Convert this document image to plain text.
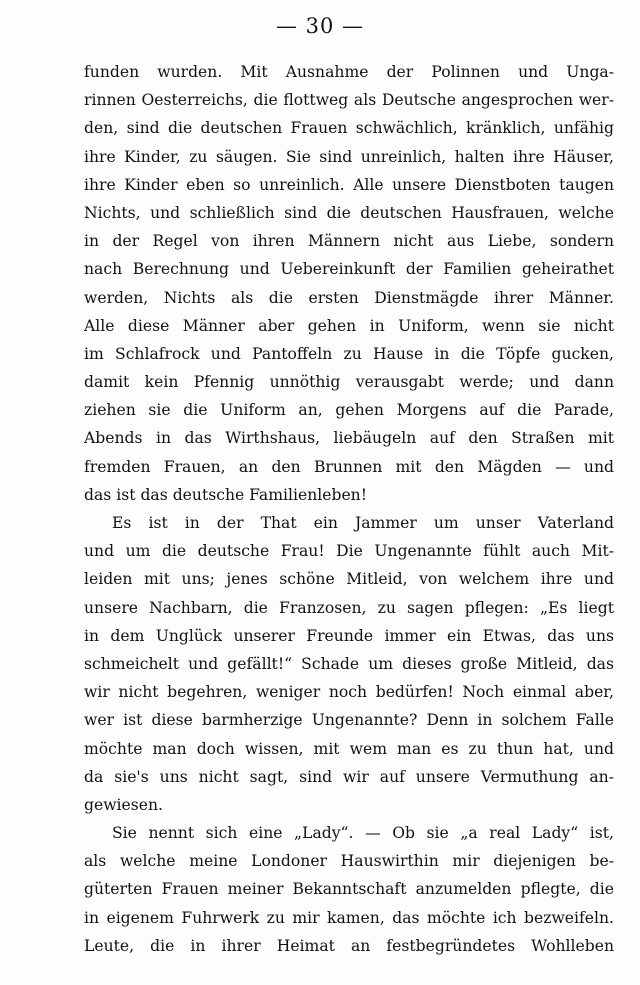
— 30 —
funden wurden. Mit Ausnahme der Polinnen und Unga-
rinnen Oesterreichs, die flottweg als Deutsche angesprochen wer-
den, sind die deutschen Frauen schwächlich, kränklich, unfähig
ihre Kinder, zu säugen. Sie sind unreinlich, halten ihre Häuser,
ihre Kinder eben so unreinlich. Alle unsere Dienstboten taugen
Nichts, und schließlich sind die deutschen Hausfrauen, welche
in der Regel von ihren Männern nicht aus Liebe, sondern
nach Berechnung und Uebereinkunft der Familien geheirathet
werden, Nichts als die ersten Dienstmägde ihrer Männer.
Alle diese Männer aber gehen in Uniform, wenn sie nicht
im Schlafrock und Pantoffeln zu Hause in die Töpfe gucken,
damit kein Pfennig unnöthig verausgabt werde; und dann
ziehen sie die Uniform an, gehen Morgens auf die Parade,
Abends in das Wirthshaus, liebäugeln auf den Straßen mit
fremden Frauen, an den Brunnen mit den Mägden — und
das ist das deutsche Familienleben!
Es ist in der That ein Jammer um unser Vaterland
und um die deutsche Frau! Die Ungenannte fühlt auch Mit-
leiden mit uns; jenes schöne Mitleid, von welchem ihre und
unsere Nachbarn, die Franzosen, zu sagen pflegen: „Es liegt
in dem Unglück unserer Freunde immer ein Etwas, das uns
schmeichelt und gefällt!“ Schade um dieses große Mitleid, das
wir nicht begehren, weniger noch bedürfen! Noch einmal aber,
wer ist diese barmherzige Ungenannte? Denn in solchem Falle
möchte man doch wissen, mit wem man es zu thun hat, und
da sie's uns nicht sagt, sind wir auf unsere Vermuthung an-
gewiesen.
Sie nennt sich eine „Lady“. — Ob sie „a real Lady“ ist,
als welche meine Londoner Hauswirthin mir diejenigen be-
güterten Frauen meiner Bekanntschaft anzumelden pflegte, die
in eigenem Fuhrwerk zu mir kamen, das möchte ich bezweifeln.
Leute, die in ihrer Heimat an festbegründetes Wohlleben
